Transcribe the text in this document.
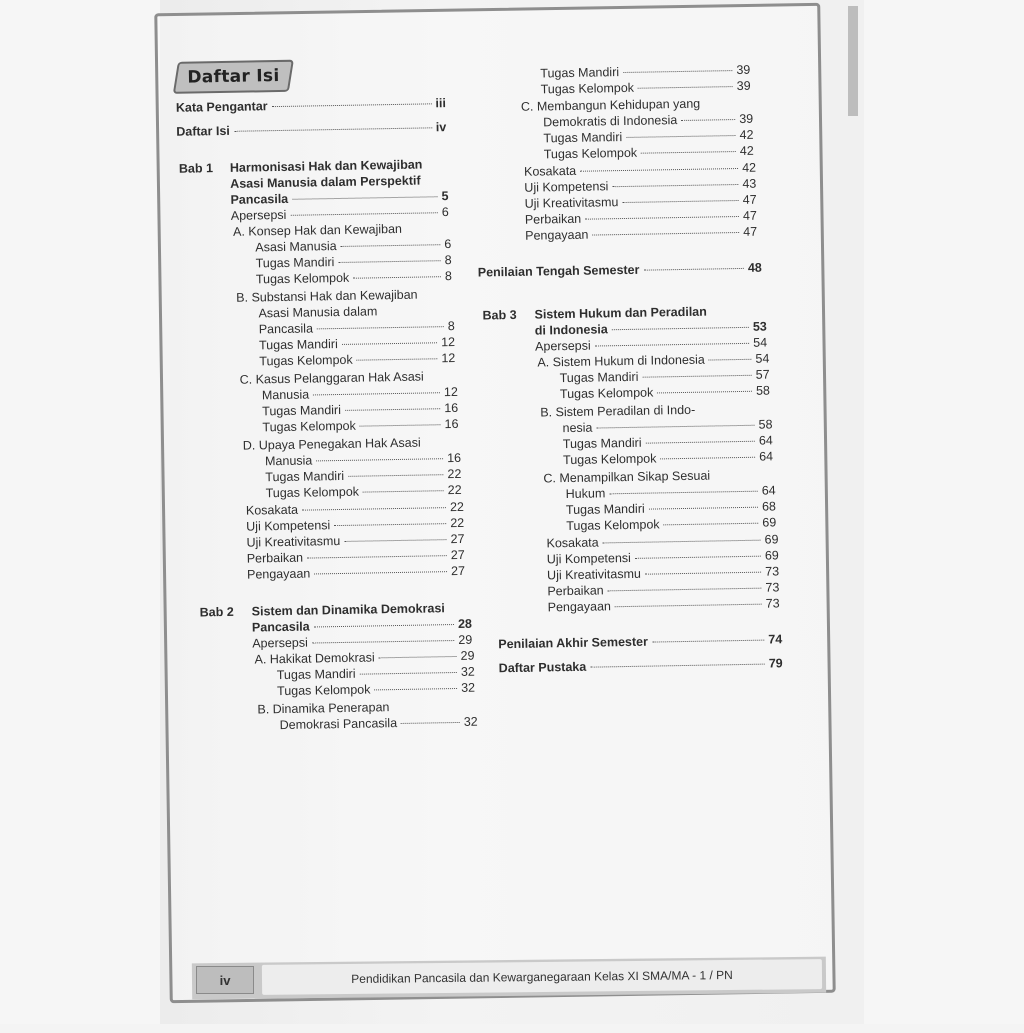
Daftar Isi
Kata Pengantar	iii
Daftar Isi	iv
Bab 1 Harmonisasi Hak dan Kewajiban
Asasi Manusia dalam Perspektif
Pancasila	5
Apersepsi	6
A. Konsep Hak dan Kewajiban
Asasi Manusia	6
Tugas Mandiri	8
Tugas Kelompok	8
B. Substansi Hak dan Kewajiban
Asasi Manusia dalam
Pancasila	8
Tugas Mandiri	12
Tugas Kelompok	12
C. Kasus Pelanggaran Hak Asasi
Manusia	12
Tugas Mandiri	16
Tugas Kelompok	16
D. Upaya Penegakan Hak Asasi
Manusia	16
Tugas Mandiri	22
Tugas Kelompok	22
Kosakata	22
Uji Kompetensi	22
Uji Kreativitasmu	27
Perbaikan	27
Pengayaan	27
Bab 2 Sistem dan Dinamika Demokrasi
Pancasila	28
Apersepsi	29
A. Hakikat Demokrasi	29
Tugas Mandiri	32
Tugas Kelompok	32
B. Dinamika Penerapan
Demokrasi Pancasila	32
Tugas Mandiri	39
Tugas Kelompok	39
C. Membangun Kehidupan yang
Demokratis di Indonesia	39
Tugas Mandiri	42
Tugas Kelompok	42
Kosakata	42
Uji Kompetensi	43
Uji Kreativitasmu	47
Perbaikan	47
Pengayaan	47
Penilaian Tengah Semester	48
Bab 3 Sistem Hukum dan Peradilan
di Indonesia	53
Apersepsi	54
A. Sistem Hukum di Indonesia	54
Tugas Mandiri	57
Tugas Kelompok	58
B. Sistem Peradilan di Indo-
nesia	58
Tugas Mandiri	64
Tugas Kelompok	64
C. Menampilkan Sikap Sesuai
Hukum	64
Tugas Mandiri	68
Tugas Kelompok	69
Kosakata	69
Uji Kompetensi	69
Uji Kreativitasmu	73
Perbaikan	73
Pengayaan	73
Penilaian Akhir Semester	74
Daftar Pustaka	79
iv	Pendidikan Pancasila dan Kewarganegaraan Kelas XI SMA/MA - 1 / PN
